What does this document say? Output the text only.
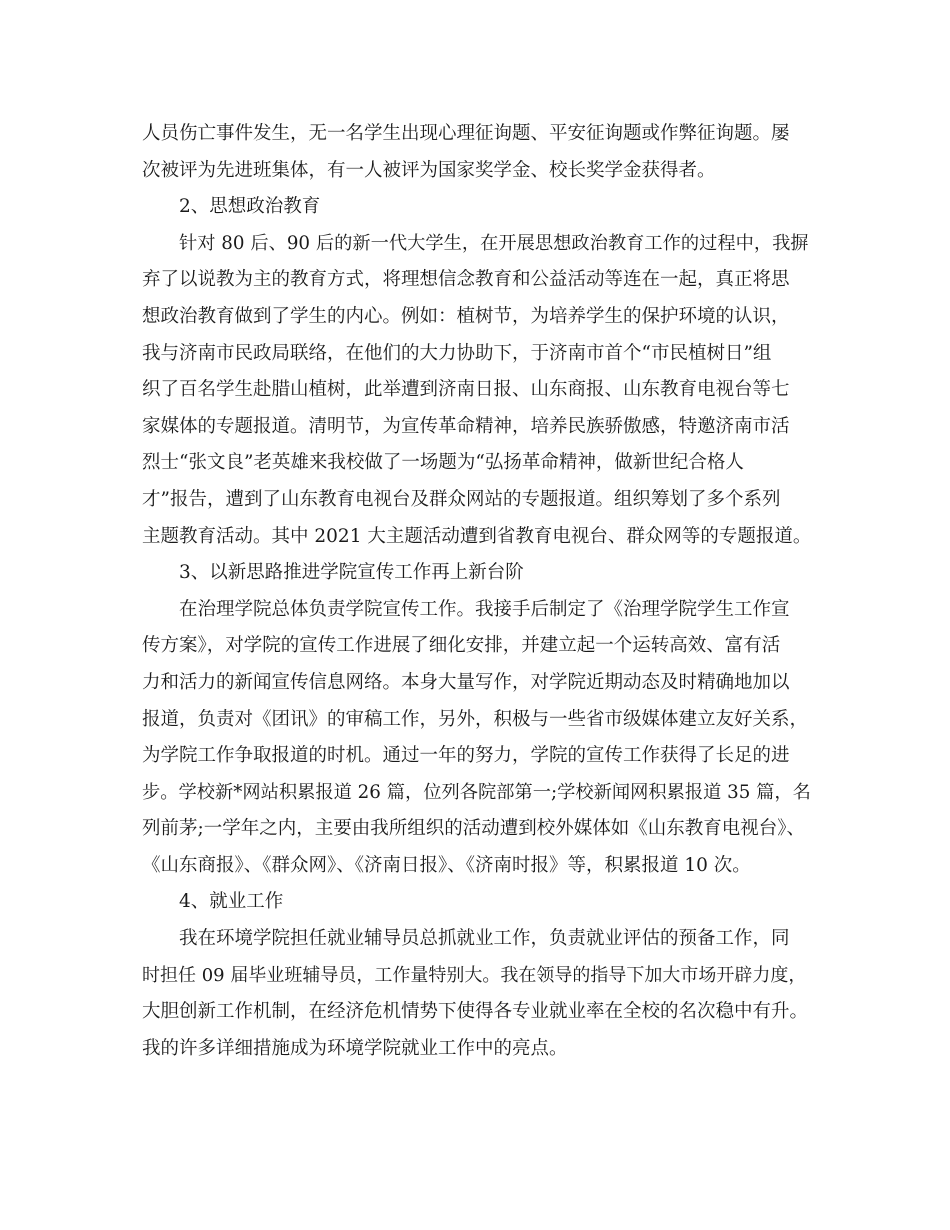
人员伤亡事件发生，无一名学生出现心理征询题、平安征询题或作弊征询题。屡
次被评为先进班集体，有一人被评为国家奖学金、校长奖学金获得者。
2、思想政治教育
针对 80 后、90 后的新一代大学生，在开展思想政治教育工作的过程中，我摒
弃了以说教为主的教育方式，将理想信念教育和公益活动等连在一起，真正将思
想政治教育做到了学生的内心。例如：植树节，为培养学生的保护环境的认识，
我与济南市民政局联络，在他们的大力协助下，于济南市首个“市民植树日”组
织了百名学生赴腊山植树，此举遭到济南日报、山东商报、山东教育电视台等七
家媒体的专题报道。清明节，为宣传革命精神，培养民族骄傲感，特邀济南市活
烈士“张文良”老英雄来我校做了一场题为“弘扬革命精神，做新世纪合格人
才”报告，遭到了山东教育电视台及群众网站的专题报道。组织筹划了多个系列
主题教育活动。其中 2021 大主题活动遭到省教育电视台、群众网等的专题报道。
3、以新思路推进学院宣传工作再上新台阶
在治理学院总体负责学院宣传工作。我接手后制定了《治理学院学生工作宣
传方案》，对学院的宣传工作进展了细化安排，并建立起一个运转高效、富有活
力和活力的新闻宣传信息网络。本身大量写作，对学院近期动态及时精确地加以
报道，负责对《团讯》的审稿工作，另外，积极与一些省市级媒体建立友好关系，
为学院工作争取报道的时机。通过一年的努力，学院的宣传工作获得了长足的进
步。学校新*网站积累报道 26 篇，位列各院部第一;学校新闻网积累报道 35 篇，名
列前茅;一学年之内，主要由我所组织的活动遭到校外媒体如《山东教育电视台》、
《山东商报》、《群众网》、《济南日报》、《济南时报》等，积累报道 10 次。
4、就业工作
我在环境学院担任就业辅导员总抓就业工作，负责就业评估的预备工作，同
时担任 09 届毕业班辅导员，工作量特别大。我在领导的指导下加大市场开辟力度，
大胆创新工作机制，在经济危机情势下使得各专业就业率在全校的名次稳中有升。
我的许多详细措施成为环境学院就业工作中的亮点。
